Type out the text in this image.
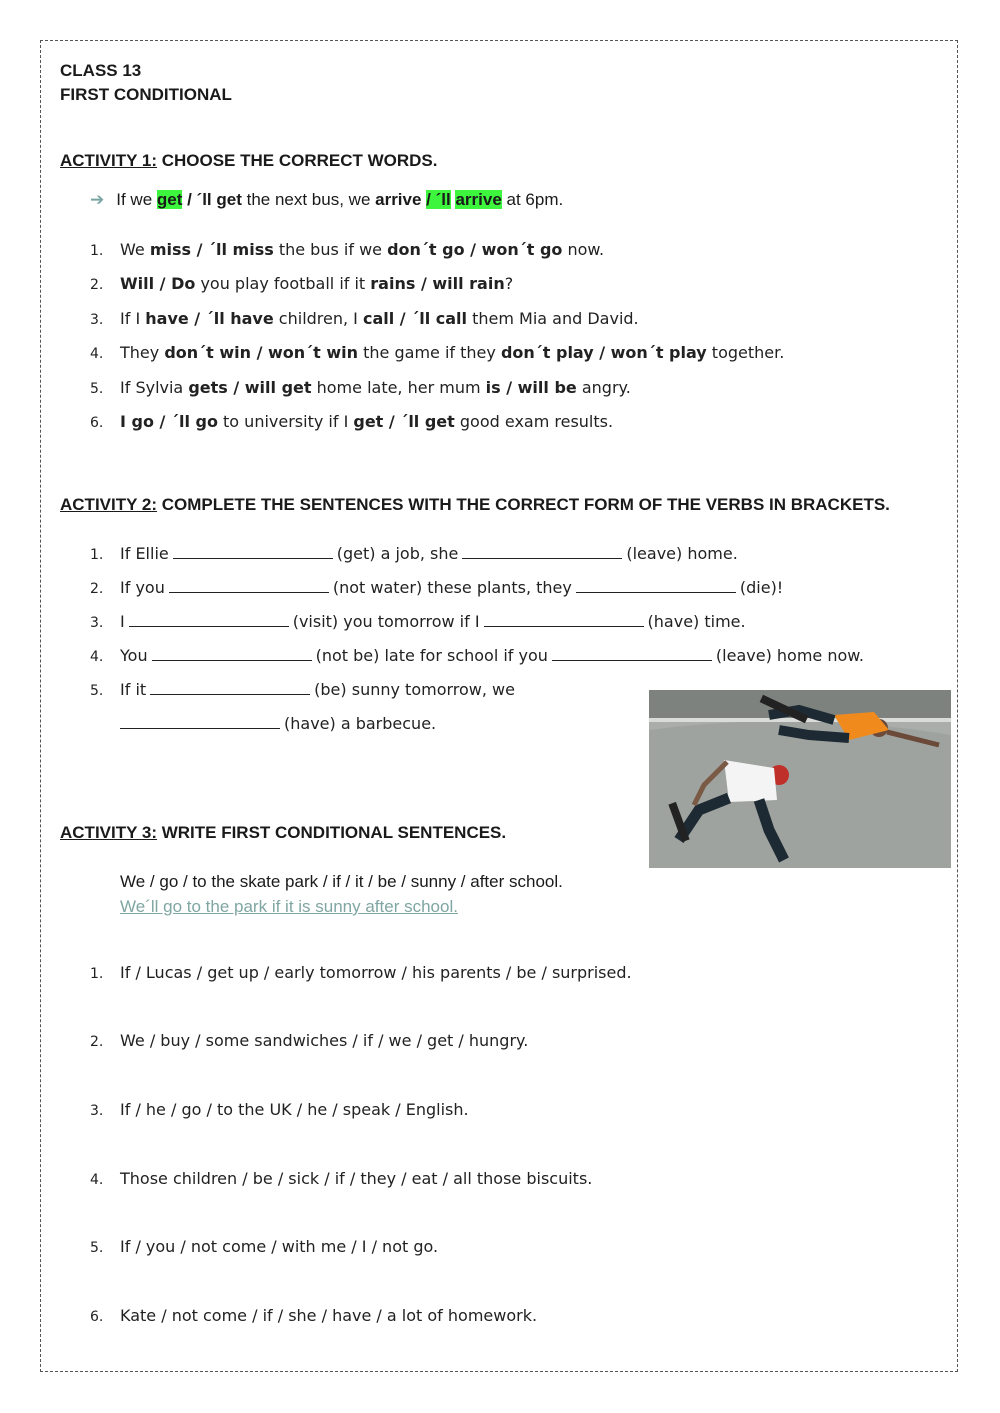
CLASS 13
FIRST CONDITIONAL
ACTIVITY 1: CHOOSE THE CORRECT WORDS.
➔ If we get / ´ll get the next bus, we arrive / ´ll arrive at 6pm.
1. We miss / ´ll miss the bus if we don´t go / won´t go now.
2. Will / Do you play football if it rains / will rain?
3. If I have / ´ll have children, I call / ´ll call them Mia and David.
4. They don´t win / won´t win the game if they don´t play / won´t play together.
5. If Sylvia gets / will get home late, her mum is / will be angry.
6. I go / ´ll go to university if I get / ´ll get good exam results.
ACTIVITY 2: COMPLETE THE SENTENCES WITH THE CORRECT FORM OF THE VERBS IN BRACKETS.
1. If Ellie	(get) a job, she	(leave) home.
2. If you	(not water) these plants, they	(die)!
3. I	(visit) you tomorrow if I	(have) time.
4. You	(not be) late for school if you	(leave) home now.
5. If it	(be) sunny tomorrow, we
(have) a barbecue.
ACTIVITY 3: WRITE FIRST CONDITIONAL SENTENCES.
We / go / to the skate park / if / it / be / sunny / after school.
We´ll go to the park if it is sunny after school.
1. If / Lucas / get up / early tomorrow / his parents / be / surprised.
2. We / buy / some sandwiches / if / we / get / hungry.
3. If / he / go / to the UK / he / speak / English.
4. Those children / be / sick / if / they / eat / all those biscuits.
5. If / you / not come / with me / I / not go.
6. Kate / not come / if / she / have / a lot of homework.
